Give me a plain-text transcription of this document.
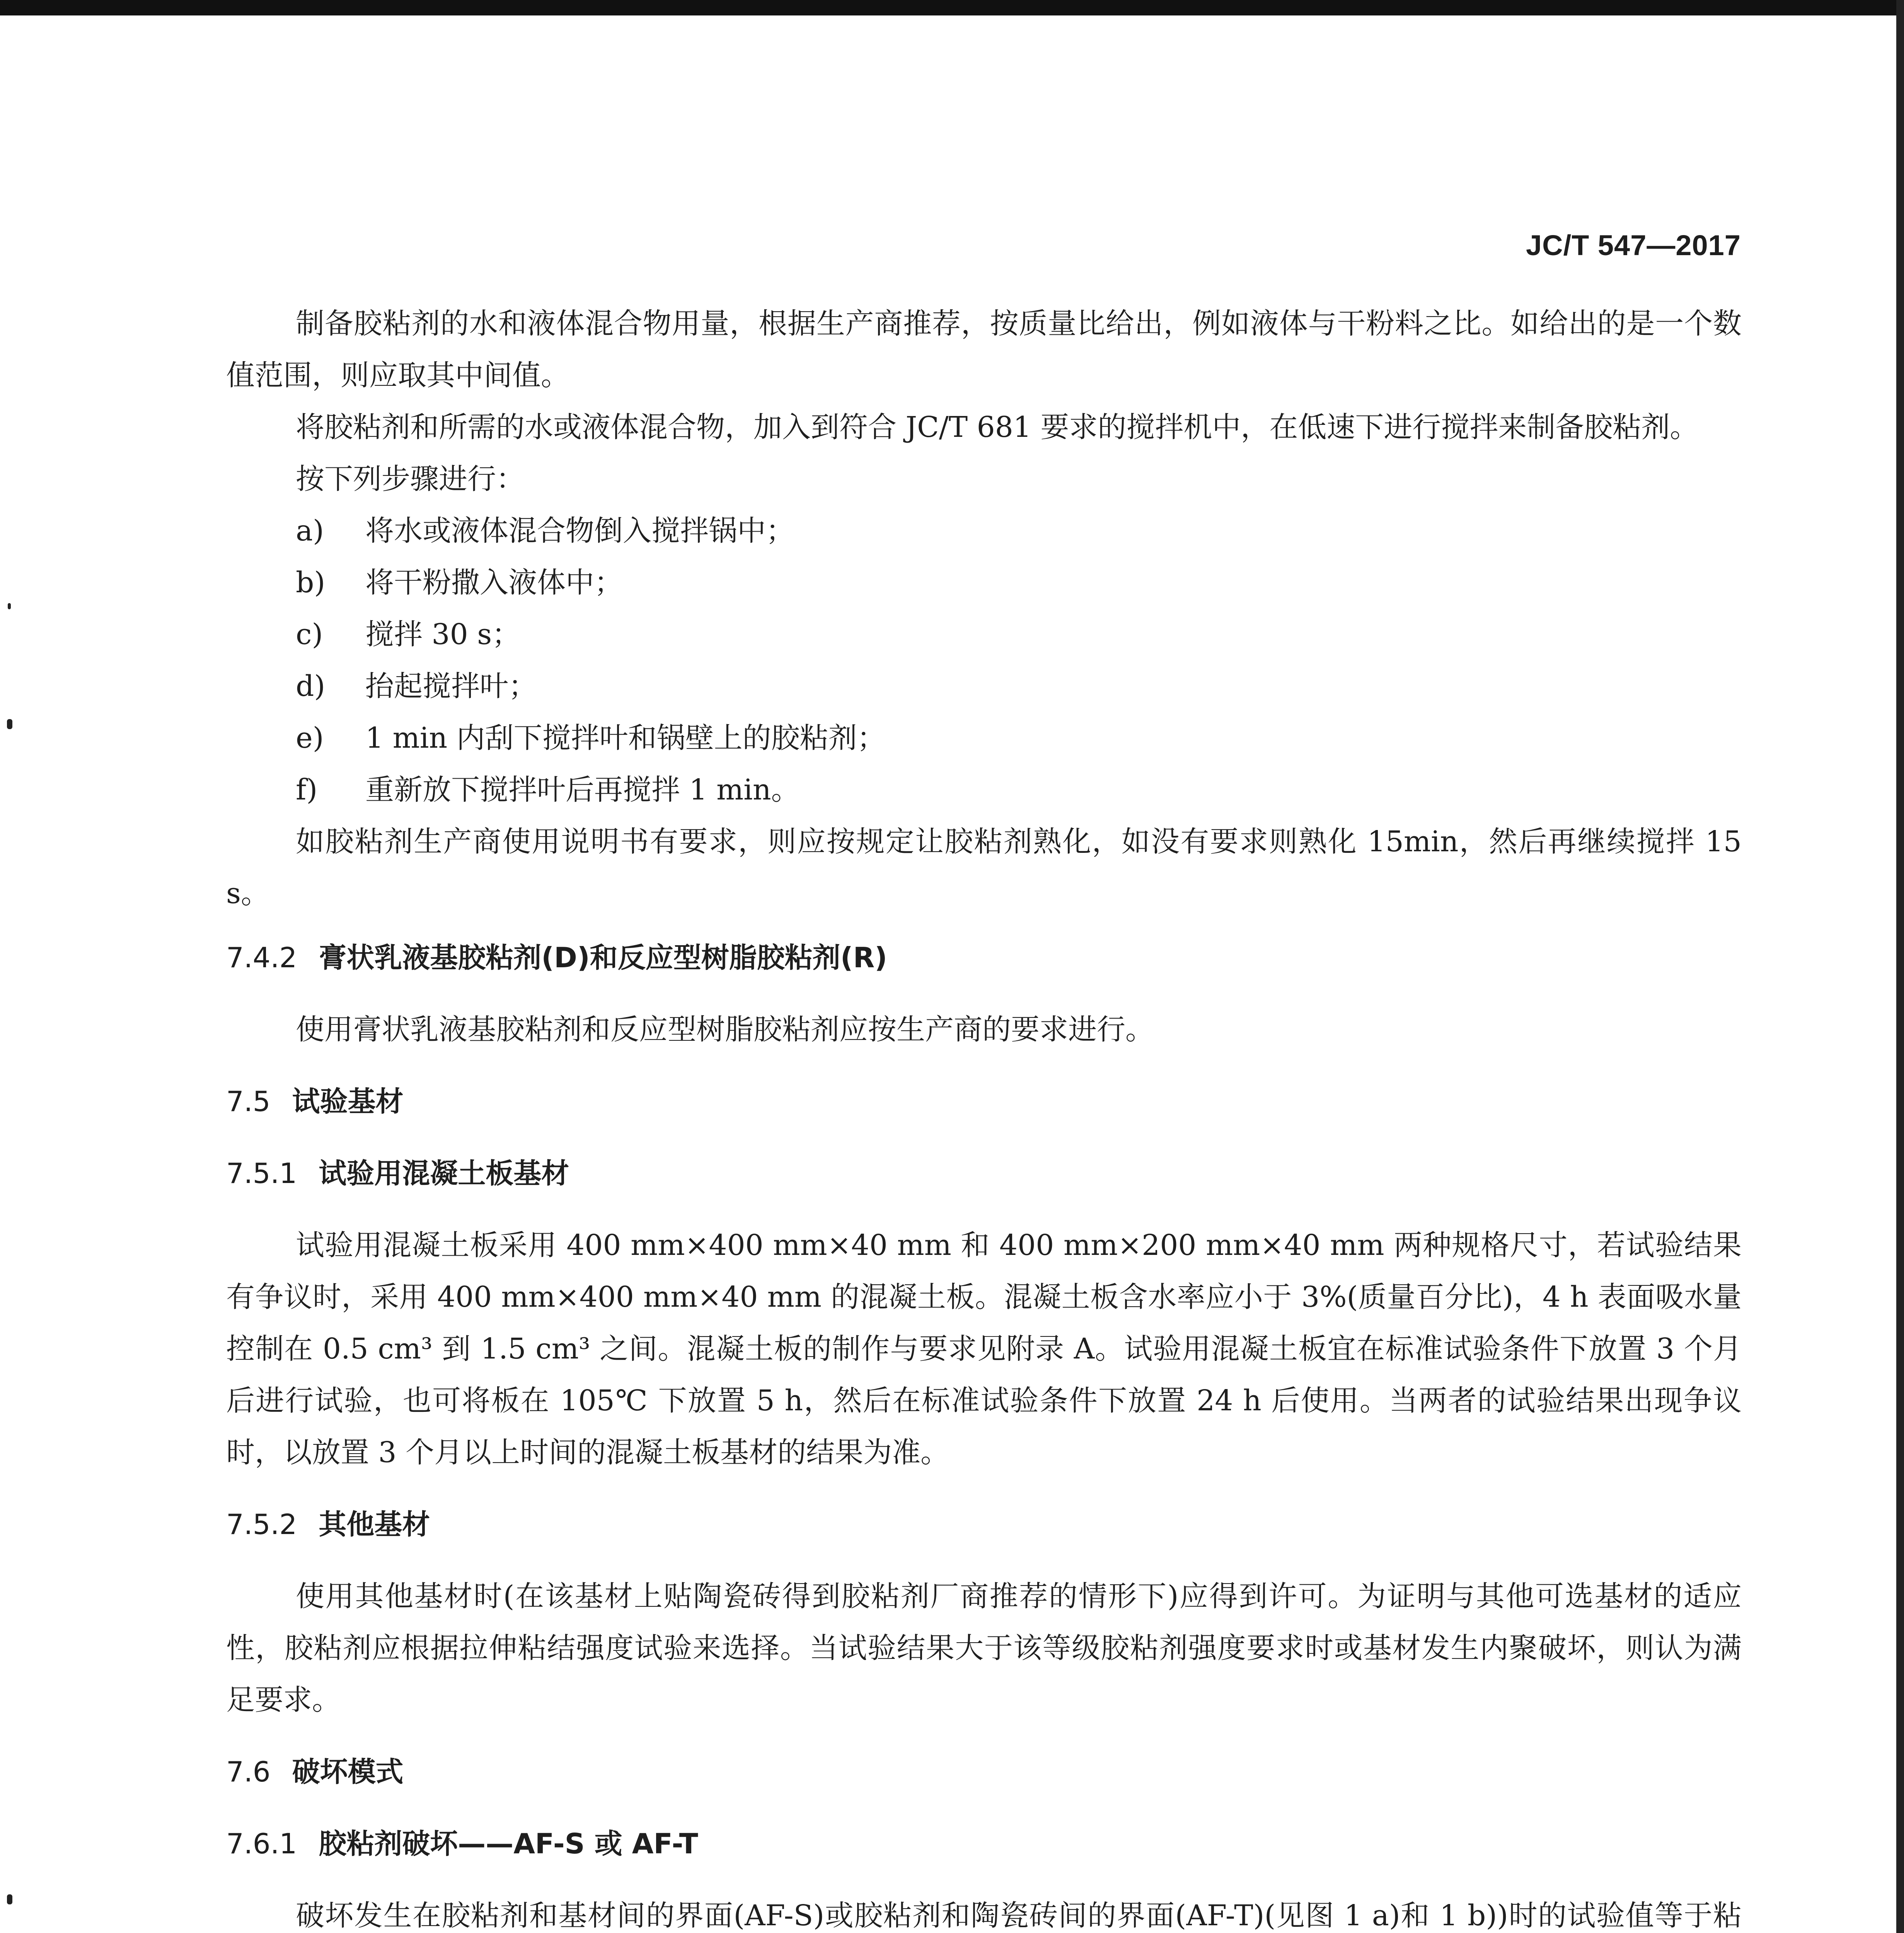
JC/T 547—2017

制备胶粘剂的水和液体混合物用量，根据生产商推荐，按质量比给出，例如液体与干粉料之比。如给出的是一个数值范围，则应取其中间值。

将胶粘剂和所需的水或液体混合物，加入到符合 JC/T 681 要求的搅拌机中，在低速下进行搅拌来制备胶粘剂。

按下列步骤进行：

a) 将水或液体混合物倒入搅拌锅中；

b) 将干粉撒入液体中；

c) 搅拌 30 s；

d) 抬起搅拌叶；

e) 1 min 内刮下搅拌叶和锅壁上的胶粘剂；

f) 重新放下搅拌叶后再搅拌 1 min。

如胶粘剂生产商使用说明书有要求，则应按规定让胶粘剂熟化，如没有要求则熟化 15min，然后再继续搅拌 15 s。

7.4.2 膏状乳液基胶粘剂(D)和反应型树脂胶粘剂(R)

使用膏状乳液基胶粘剂和反应型树脂胶粘剂应按生产商的要求进行。

7.5 试验基材
7.5.1 试验用混凝土板基材

试验用混凝土板采用 400 mm×400 mm×40 mm 和 400 mm×200 mm×40 mm 两种规格尺寸，若试验结果有争议时，采用 400 mm×400 mm×40 mm 的混凝土板。混凝土板含水率应小于 3%(质量百分比)，4 h 表面吸水量控制在 0.5 cm³ 到 1.5 cm³ 之间。混凝土板的制作与要求见附录 A。试验用混凝土板宜在标准试验条件下放置 3 个月后进行试验，也可将板在 105℃ 下放置 5 h，然后在标准试验条件下放置 24 h 后使用。当两者的试验结果出现争议时，以放置 3 个月以上时间的混凝土板基材的结果为准。

7.5.2 其他基材

使用其他基材时(在该基材上贴陶瓷砖得到胶粘剂厂商推荐的情形下)应得到许可。为证明与其他可选基材的适应性，胶粘剂应根据拉伸粘结强度试验来选择。当试验结果大于该等级胶粘剂强度要求时或基材发生内聚破坏，则认为满足要求。

7.6 破坏模式
7.6.1 胶粘剂破坏——AF-S 或 AF-T

破坏发生在胶粘剂和基材间的界面(AF-S)或胶粘剂和陶瓷砖间的界面(AF-T)(见图 1 a)和 1 b))时的试验值等于粘
